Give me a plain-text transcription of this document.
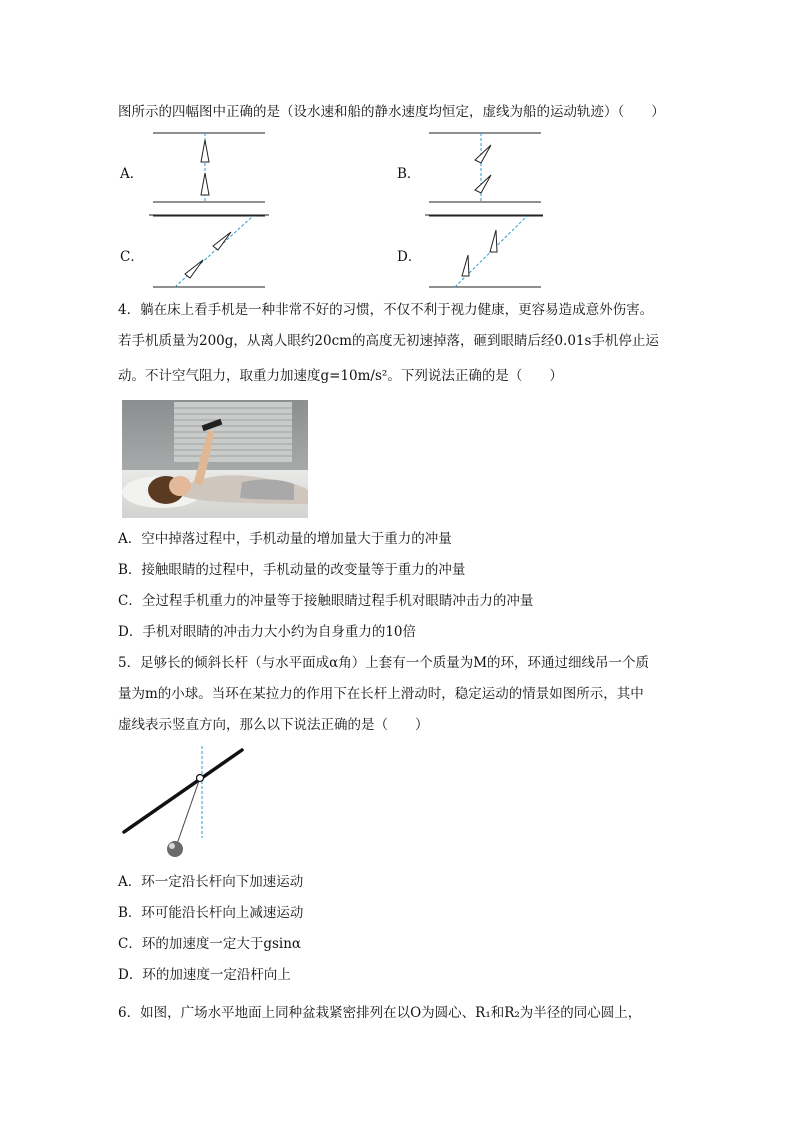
图所示的四幅图中正确的是（设水速和船的静水速度均恒定，虚线为船的运动轨迹）（　　）
A．	B．
C．	D．
4．躺在床上看手机是一种非常不好的习惯，不仅不利于视力健康，更容易造成意外伤害。
若手机质量为200g，从离人眼约20cm的高度无初速掉落，砸到眼睛后经0.01s手机停止运
动。不计空气阻力，取重力加速度g=10m/s²。下列说法正确的是（　　）
A．空中掉落过程中，手机动量的增加量大于重力的冲量
B．接触眼睛的过程中，手机动量的改变量等于重力的冲量
C．全过程手机重力的冲量等于接触眼睛过程手机对眼睛冲击力的冲量
D．手机对眼睛的冲击力大小约为自身重力的10倍
5．足够长的倾斜长杆（与水平面成α角）上套有一个质量为M的环，环通过细线吊一个质
量为m的小球。当环在某拉力的作用下在长杆上滑动时，稳定运动的情景如图所示，其中
虚线表示竖直方向，那么以下说法正确的是（　　）
A．环一定沿长杆向下加速运动
B．环可能沿长杆向上减速运动
C．环的加速度一定大于gsinα
D．环的加速度一定沿杆向上
6．如图，广场水平地面上同种盆栽紧密排列在以O为圆心、R₁和R₂为半径的同心圆上，
